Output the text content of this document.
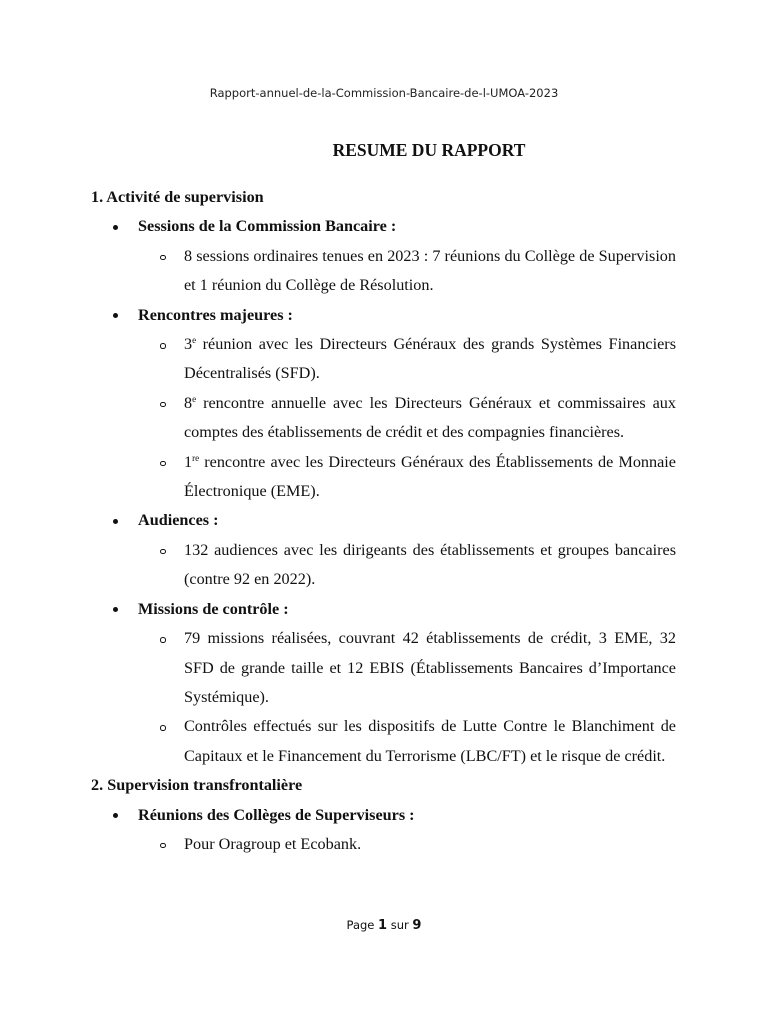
Rapport-annuel-de-la-Commission-Bancaire-de-l-UMOA-2023
RESUME DU RAPPORT
1. Activité de supervision
Sessions de la Commission Bancaire :
8 sessions ordinaires tenues en 2023 : 7 réunions du Collège de Supervision et 1 réunion du Collège de Résolution.
Rencontres majeures :
3e réunion avec les Directeurs Généraux des grands Systèmes Financiers Décentralisés (SFD).
8e rencontre annuelle avec les Directeurs Généraux et commissaires aux comptes des établissements de crédit et des compagnies financières.
1re rencontre avec les Directeurs Généraux des Établissements de Monnaie Électronique (EME).
Audiences :
132 audiences avec les dirigeants des établissements et groupes bancaires (contre 92 en 2022).
Missions de contrôle :
79 missions réalisées, couvrant 42 établissements de crédit, 3 EME, 32 SFD de grande taille et 12 EBIS (Établissements Bancaires d’Importance Systémique).
Contrôles effectués sur les dispositifs de Lutte Contre le Blanchiment de Capitaux et le Financement du Terrorisme (LBC/FT) et le risque de crédit.
2. Supervision transfrontalière
Réunions des Collèges de Superviseurs :
Pour Oragroup et Ecobank.
Page 1 sur 9
